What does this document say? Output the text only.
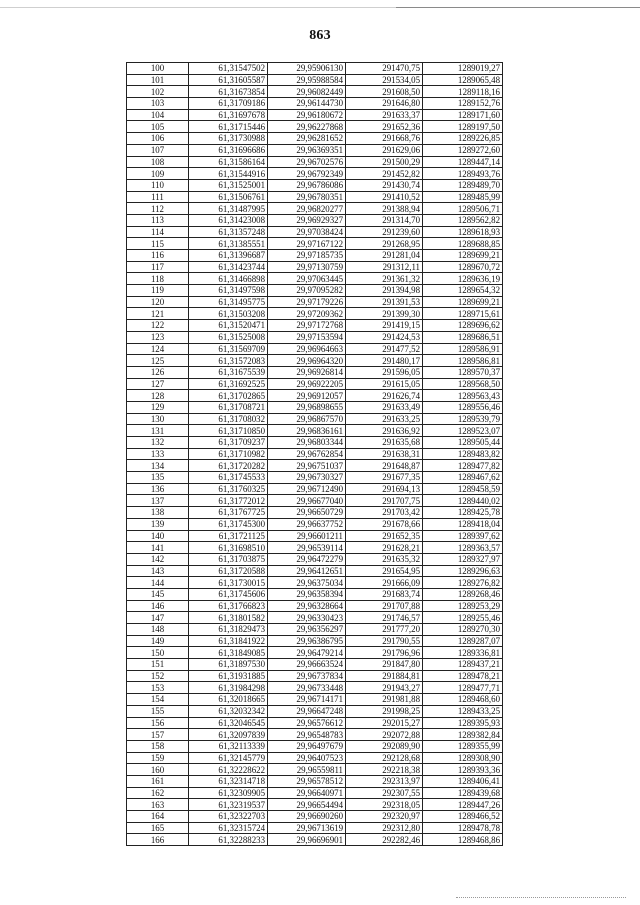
863
100	61,31547502	29,95906130	291470,75	1289019,27
101	61,31605587	29,95988584	291534,05	1289065,48
102	61,31673854	29,96082449	291608,50	1289118,16
103	61,31709186	29,96144730	291646,80	1289152,76
104	61,31697678	29,96180672	291633,37	1289171,60
105	61,31715446	29,96227868	291652,36	1289197,50
106	61,31730988	29,96281652	291668,76	1289226,85
107	61,31696686	29,96369351	291629,06	1289272,60
108	61,31586164	29,96702576	291500,29	1289447,14
109	61,31544916	29,96792349	291452,82	1289493,76
110	61,31525001	29,96786086	291430,74	1289489,70
111	61,31506761	29,96780351	291410,52	1289485,99
112	61,31487995	29,96820277	291388,94	1289506,71
113	61,31423008	29,96929327	291314,70	1289562,82
114	61,31357248	29,97038424	291239,60	1289618,93
115	61,31385551	29,97167122	291268,95	1289688,85
116	61,31396687	29,97185735	291281,04	1289699,21
117	61,31423744	29,97130759	291312,11	1289670,72
118	61,31466898	29,97063445	291361,32	1289636,19
119	61,31497598	29,97095282	291394,98	1289654,32
120	61,31495775	29,97179226	291391,53	1289699,21
121	61,31503208	29,97209362	291399,30	1289715,61
122	61,31520471	29,97172768	291419,15	1289696,62
123	61,31525008	29,97153594	291424,53	1289686,51
124	61,31569709	29,96964663	291477,52	1289586,91
125	61,31572083	29,96964320	291480,17	1289586,81
126	61,31675539	29,96926814	291596,05	1289570,37
127	61,31692525	29,96922205	291615,05	1289568,50
128	61,31702865	29,96912057	291626,74	1289563,43
129	61,31708721	29,96898655	291633,49	1289556,46
130	61,31708032	29,96867570	291633,25	1289539,79
131	61,31710850	29,96836161	291636,92	1289523,07
132	61,31709237	29,96803344	291635,68	1289505,44
133	61,31710982	29,96762854	291638,31	1289483,82
134	61,31720282	29,96751037	291648,87	1289477,82
135	61,31745533	29,96730327	291677,35	1289467,62
136	61,31760325	29,96712490	291694,13	1289458,59
137	61,31772012	29,96677040	291707,75	1289440,02
138	61,31767725	29,96650729	291703,42	1289425,78
139	61,31745300	29,96637752	291678,66	1289418,04
140	61,31721125	29,96601211	291652,35	1289397,62
141	61,31698510	29,96539114	291628,21	1289363,57
142	61,31703875	29,96472279	291635,32	1289327,97
143	61,31720588	29,96412651	291654,95	1289296,63
144	61,31730015	29,96375034	291666,09	1289276,82
145	61,31745606	29,96358394	291683,74	1289268,46
146	61,31766823	29,96328664	291707,88	1289253,29
147	61,31801582	29,96330423	291746,57	1289255,46
148	61,31829473	29,96356297	291777,20	1289270,30
149	61,31841922	29,96386795	291790,55	1289287,07
150	61,31849085	29,96479214	291796,96	1289336,81
151	61,31897530	29,96663524	291847,80	1289437,21
152	61,31931885	29,96737834	291884,81	1289478,21
153	61,31984298	29,96733448	291943,27	1289477,71
154	61,32018665	29,96714171	291981,88	1289468,60
155	61,32032342	29,96647248	291998,25	1289433,25
156	61,32046545	29,96576612	292015,27	1289395,93
157	61,32097839	29,96548783	292072,88	1289382,84
158	61,32113339	29,96497679	292089,90	1289355,99
159	61,32145779	29,96407523	292128,68	1289308,90
160	61,32228622	29,96559811	292218,38	1289393,36
161	61,32314718	29,96578512	292313,97	1289406,41
162	61,32309905	29,96640971	292307,55	1289439,68
163	61,32319537	29,96654494	292318,05	1289447,26
164	61,32322703	29,96690260	292320,97	1289466,52
165	61,32315724	29,96713619	292312,80	1289478,78
166	61,32288233	29,96696901	292282,46	1289468,86
